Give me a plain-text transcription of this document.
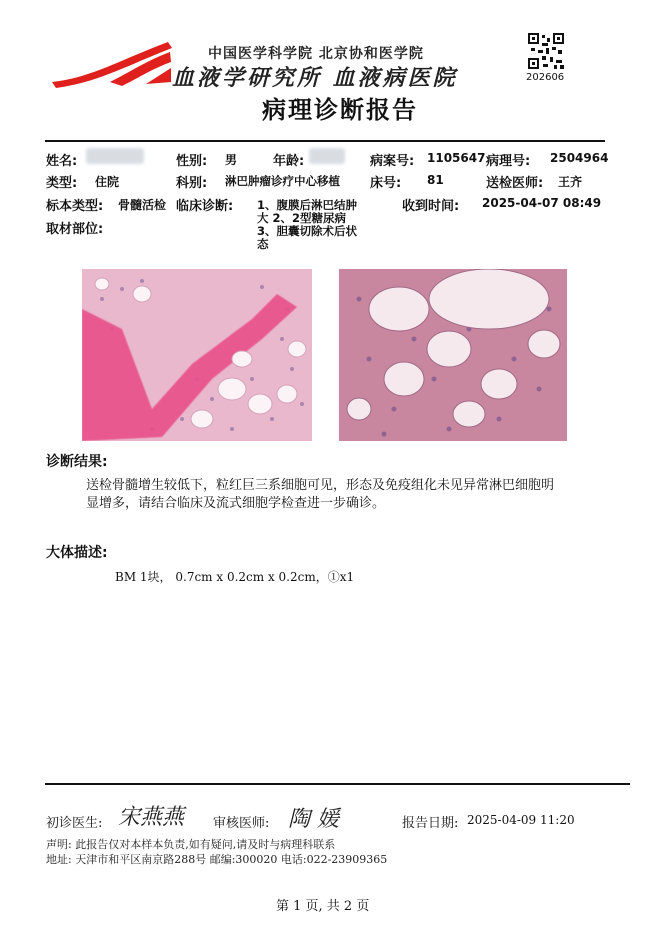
中国医学科学院 北京协和医学院
血液学研究所 血液病医院
病理诊断报告
202606
姓名:	性别: 男	年龄:	病案号: 1105647 病理号: 2504964
类型: 住院	科别: 淋巴肿瘤诊疗中心移植 床号: 81	送检医师: 王齐
标本类型: 骨髓活检 临床诊断: 1、腹膜后淋巴结肿
大 2、2型糖尿病
3、胆囊切除术后状
态
收到时间: 2025-04-07 08:49
取材部位:
诊断结果:
送检骨髓增生较低下，粒红巨三系细胞可见，形态及免疫组化未见异常淋巴细胞明
显增多，请结合临床及流式细胞学检查进一步确诊。
大体描述:
BM 1块， 0.7cm x 0.2cm x 0.2cm，①x1
初诊医生: 宋燕燕 审核医师: 陶 媛	报告日期: 2025-04-09 11:20
声明: 此报告仅对本样本负责,如有疑问,请及时与病理科联系
地址: 天津市和平区南京路288号 邮编:300020 电话:022-23909365
第 1 页, 共 2 页
